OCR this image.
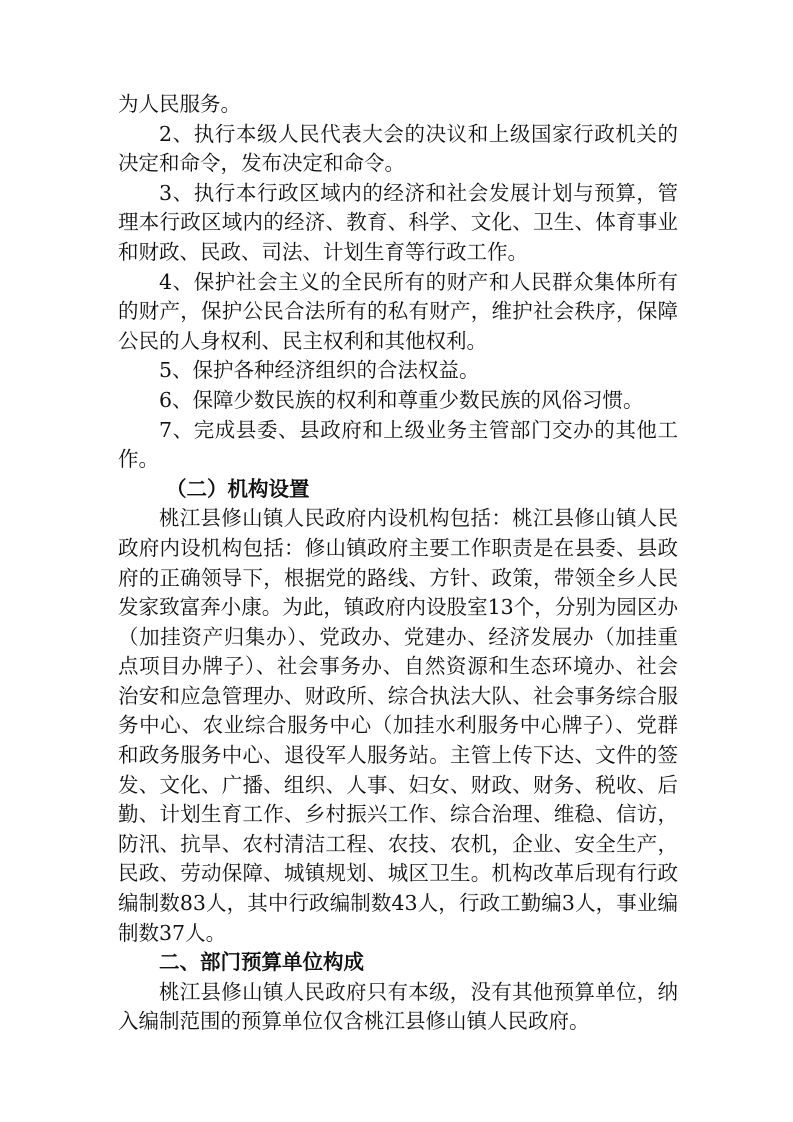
为人民服务。

2、执行本级人民代表大会的决议和上级国家行政机关的决定和命令，发布决定和命令。

3、执行本行政区域内的经济和社会发展计划与预算，管理本行政区域内的经济、教育、科学、文化、卫生、体育事业和财政、民政、司法、计划生育等行政工作。

4、保护社会主义的全民所有的财产和人民群众集体所有的财产，保护公民合法所有的私有财产，维护社会秩序，保障公民的人身权利、民主权利和其他权利。

5、保护各种经济组织的合法权益。

6、保障少数民族的权利和尊重少数民族的风俗习惯。

7、完成县委、县政府和上级业务主管部门交办的其他工作。

（二）机构设置

桃江县修山镇人民政府内设机构包括：桃江县修山镇人民政府内设机构包括：修山镇政府主要工作职责是在县委、县政府的正确领导下，根据党的路线、方针、政策，带领全乡人民发家致富奔小康。为此，镇政府内设股室13个，分别为园区办（加挂资产归集办）、党政办、党建办、经济发展办（加挂重点项目办牌子）、社会事务办、自然资源和生态环境办、社会治安和应急管理办、财政所、综合执法大队、社会事务综合服务中心、农业综合服务中心（加挂水利服务中心牌子）、党群和政务服务中心、退役军人服务站。主管上传下达、文件的签发、文化、广播、组织、人事、妇女、财政、财务、税收、后勤、计划生育工作、乡村振兴工作、综合治理、维稳、信访，防汛、抗旱、农村清洁工程、农技、农机，企业、安全生产，民政、劳动保障、城镇规划、城区卫生。机构改革后现有行政编制数83人，其中行政编制数43人，行政工勤编3人，事业编制数37人。

二、部门预算单位构成

桃江县修山镇人民政府只有本级，没有其他预算单位，纳入编制范围的预算单位仅含桃江县修山镇人民政府。
